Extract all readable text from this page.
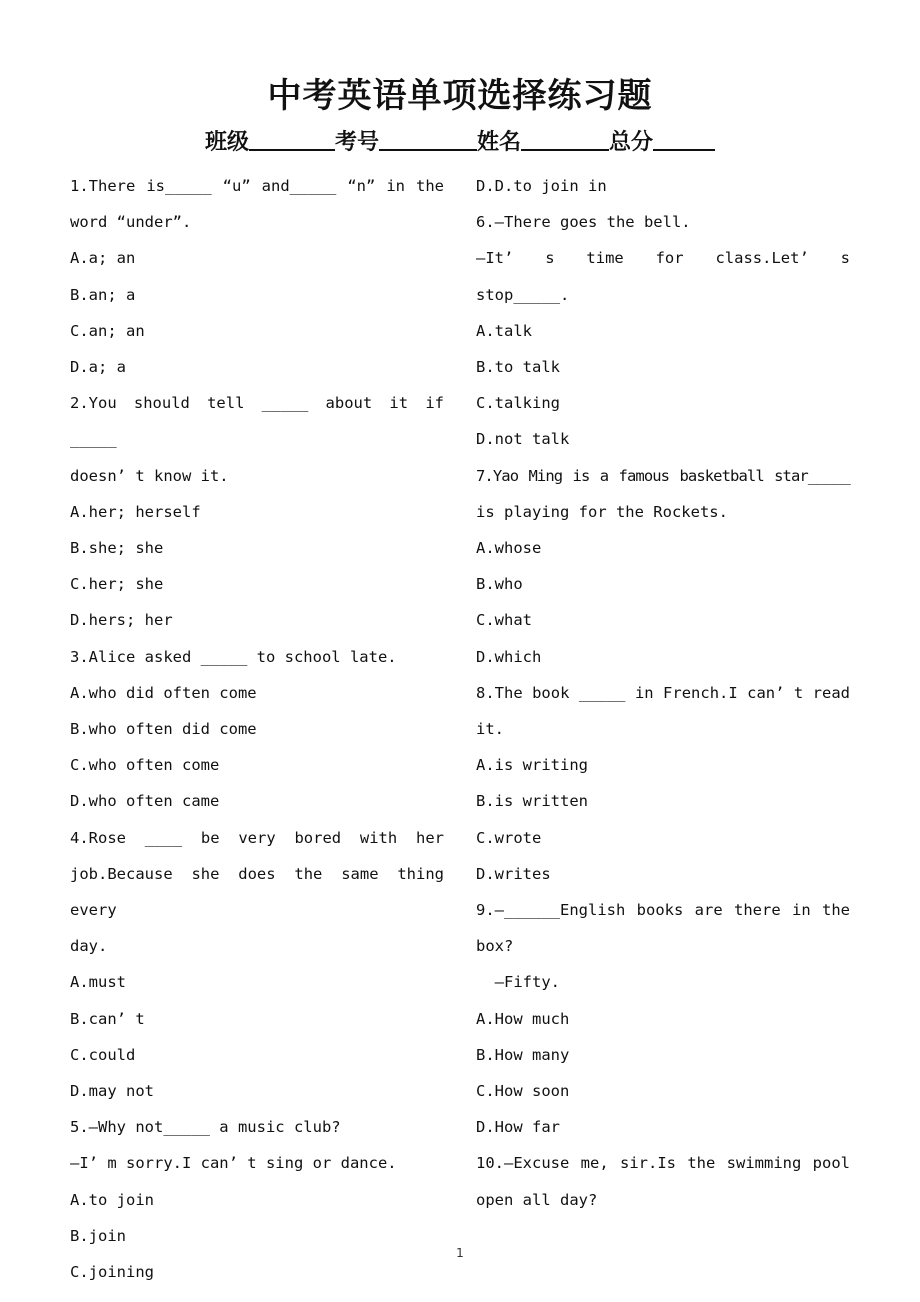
中考英语单项选择练习题
班级	考号	姓名	总分
1.There is_____ “u” and_____ “n” in the
word “under”.
A.a; an
B.an; a
C.an; an
D.a; a
2.You should tell _____ about it if _____
doesn’ t know it.
A.her; herself
B.she; she
C.her; she
D.hers; her
3.Alice asked _____ to school late.
A.who did often come
B.who often did come
C.who often come
D.who often came
4.Rose ____ be very bored with her
job.Because she does the same thing every
day.
A.must
B.can’ t
C.could
D.may not
5.—Why not_____ a music club?
—I’ m sorry.I can’ t sing or dance.
A.to join
B.join
C.joining
D.D.to join in
6.—There goes the bell.
—It’ s time for class.Let’ s
stop_____.
A.talk
B.to talk
C.talking
D.not talk
7.Yao Ming is a famous basketball star_____
is playing for the Rockets.
A.whose
B.who
C.what
D.which
8.The book _____ in French.I can’ t read
it.
A.is writing
B.is written
C.wrote
D.writes
9.—______English books are there in the
box?
—Fifty.
A.How much
B.How many
C.How soon
D.How far
10.—Excuse me, sir.Is the swimming pool
open all day?
1
